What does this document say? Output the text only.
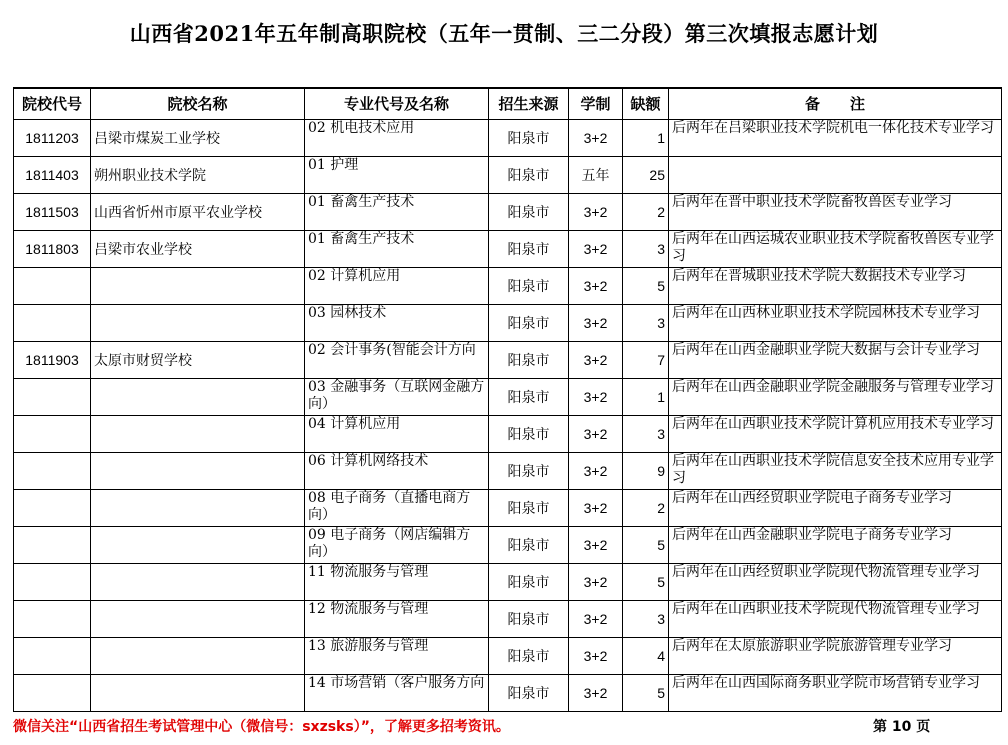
山西省2021年五年制高职院校（五年一贯制、三二分段）第三次填报志愿计划
院校代号	院校名称	专业代号及名称	招生来源	学制	缺额	备　　注
1811203	吕梁市煤炭工业学校	02 机电技术应用	阳泉市	3+2	1	后两年在吕梁职业技术学院机电一体化技术专业学习
1811403	朔州职业技术学院	01 护理	阳泉市	五年	25	
1811503	山西省忻州市原平农业学校	01 畜禽生产技术	阳泉市	3+2	2	后两年在晋中职业技术学院畜牧兽医专业学习
1811803	吕梁市农业学校	01 畜禽生产技术	阳泉市	3+2	3	后两年在山西运城农业职业技术学院畜牧兽医专业学习
		02 计算机应用	阳泉市	3+2	5	后两年在晋城职业技术学院大数据技术专业学习
		03 园林技术	阳泉市	3+2	3	后两年在山西林业职业技术学院园林技术专业学习
1811903	太原市财贸学校	02 会计事务(智能会计方向	阳泉市	3+2	7	后两年在山西金融职业学院大数据与会计专业学习
		03 金融事务（互联网金融方向）	阳泉市	3+2	1	后两年在山西金融职业学院金融服务与管理专业学习
		04 计算机应用	阳泉市	3+2	3	后两年在山西职业技术学院计算机应用技术专业学习
		06 计算机网络技术	阳泉市	3+2	9	后两年在山西职业技术学院信息安全技术应用专业学习
		08 电子商务（直播电商方向）	阳泉市	3+2	2	后两年在山西经贸职业学院电子商务专业学习
		09 电子商务（网店编辑方向）	阳泉市	3+2	5	后两年在山西金融职业学院电子商务专业学习
		11 物流服务与管理	阳泉市	3+2	5	后两年在山西经贸职业学院现代物流管理专业学习
		12 物流服务与管理	阳泉市	3+2	3	后两年在山西职业技术学院现代物流管理专业学习
		13 旅游服务与管理	阳泉市	3+2	4	后两年在太原旅游职业学院旅游管理专业学习
		14 市场营销（客户服务方向	阳泉市	3+2	5	后两年在山西国际商务职业学院市场营销专业学习
微信关注“山西省招生考试管理中心（微信号：sxzsks）”，了解更多招考资讯。	第 10 页
